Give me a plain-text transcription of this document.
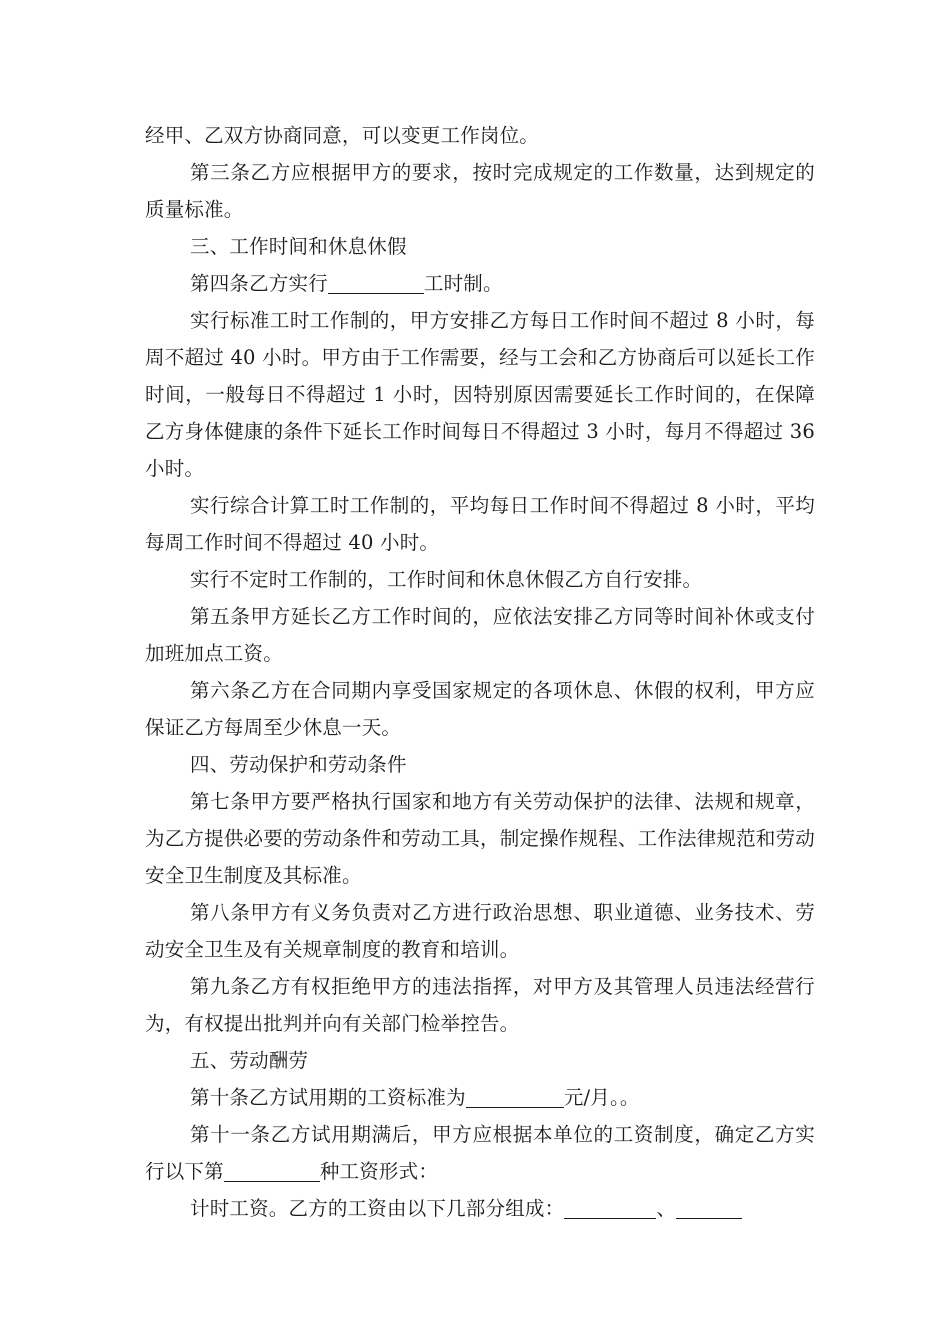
经甲、乙双方协商同意，可以变更工作岗位。

第三条乙方应根据甲方的要求，按时完成规定的工作数量，达到规定的质量标准。

三、工作时间和休息休假

第四条乙方实行	工时制。

实行标准工时工作制的，甲方安排乙方每日工作时间不超过 8 小时，每周不超过 40 小时。甲方由于工作需要，经与工会和乙方协商后可以延长工作时间，一般每日不得超过 1 小时，因特别原因需要延长工作时间的，在保障乙方身体健康的条件下延长工作时间每日不得超过 3 小时，每月不得超过 36 小时。

实行综合计算工时工作制的，平均每日工作时间不得超过 8 小时，平均每周工作时间不得超过 40 小时。

实行不定时工作制的，工作时间和休息休假乙方自行安排。

第五条甲方延长乙方工作时间的，应依法安排乙方同等时间补休或支付加班加点工资。

第六条乙方在合同期内享受国家规定的各项休息、休假的权利，甲方应保证乙方每周至少休息一天。

四、劳动保护和劳动条件

第七条甲方要严格执行国家和地方有关劳动保护的法律、法规和规章，为乙方提供必要的劳动条件和劳动工具，制定操作规程、工作法律规范和劳动安全卫生制度及其标准。

第八条甲方有义务负责对乙方进行政治思想、职业道德、业务技术、劳动安全卫生及有关规章制度的教育和培训。

第九条乙方有权拒绝甲方的违法指挥，对甲方及其管理人员违法经营行为，有权提出批判并向有关部门检举控告。

五、劳动酬劳

第十条乙方试用期的工资标准为	元/月。。

第十一条乙方试用期满后，甲方应根据本单位的工资制度，确定乙方实行以下第	种工资形式：

计时工资。乙方的工资由以下几部分组成：	、
